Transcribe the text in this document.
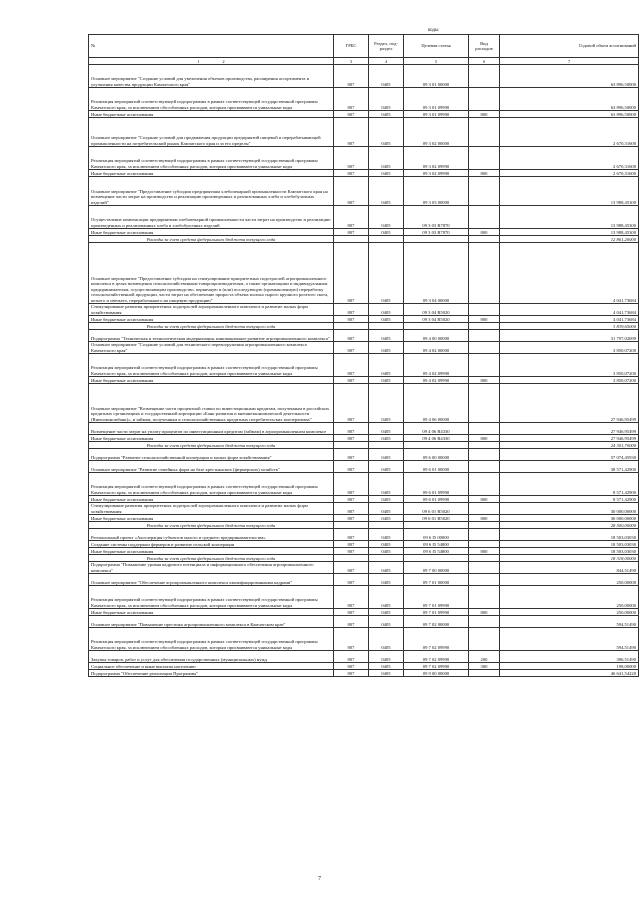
коды
№	ГРБС	Раздел, под-раздел	Целевая статья	Вид расходов	Годовой объем ассигнований
1 2	3	4	5	6	7
Основное мероприятие "Создание условий для увеличения объемов производства, расширения ассортимента и улучшения качества продукции Камчатского края"	807	0405	09 3 01 00000		63 896,50000
Реализация мероприятий соответствующей подпрограммы в рамках соответствующей государственной программы Камчатского края, за исключением обособленных расходов, которым присваиваются уникальные коды	807	0405	09 3 01 09990		63 896,50000
Иные бюджетные ассигнования	807	0405	09 3 01 09990	800	63 896,50000
Основное мероприятие "Создание условий для продвижения продукции предприятий пищевой и перерабатывающей промышленности на потребительский рынок Камчатского края и за его пределы"	807	0405	09 3 02 00000		2 670,31600
Реализация мероприятий соответствующей подпрограммы в рамках соответствующей государственной программы Камчатского края, за исключением обособленных расходов, которым присваиваются уникальные коды	807	0405	09 3 02 09990		2 670,31600
Иные бюджетные ассигнования	807	0405	09 3 02 09990	800	2 670,31600
Основное мероприятие "Предоставление субсидии предприятиям хлебопекарной промышленности Камчатского края на возмещение части затрат на производство и реализацию произведенных и реализованных хлеба и хлебобулочных изделий"	807	0405	09 3 03 00000		13 988,45300
Осуществление компенсации предприятиям хлебопекарной промышленности части затрат на производство и реализацию произведенных и реализованных хлеба и хлебобулочных изделий	807	0405	09 3 03 R7870		13 988,45300
Иные бюджетные ассигнования	807	0405	09 3 03 R7870	800	13 988,45300
Расходы за счет средств федерального бюджета текущего года					12 861,20000
Основное мероприятие "Предоставление субсидии на стимулирование приоритетных подотраслей агропромышленного комплекса в целях возмещения сельскохозяйственным товаропроизводителям, а также организациям и индивидуальным предпринимателям, осуществляющим производство, первичную и (или) последующую (промышленную) переработку сельскохозяйственной продукции, части затрат на обеспечение прироста объема молока сырого крупного рогатого скота, козьего и овечьего, переработанного на пищевую продукцию"	807	0405	09 3 04 00000		4 041,73684
Стимулирование развития приоритетных подотраслей агропромышленного комплекса и развитие малых форм хозяйствования	807	0405	09 3 04 R5020		4 041,73684
Иные бюджетные ассигнования	807	0405	09 3 04 R5020	800	4 041,73684
Расходы за счет средств федерального бюджета текущего года					3 839,65000
Подпрограмма "Техническая и технологическая модернизация, инновационное развитие агропромышленного комплекса"	807	0405	09 4 00 00000		31 797,02699
Основное мероприятие "Создание условий для технического перевооружения агропромышленного комплекса Камчатского края"	807	0405	09 4 02 00000		3 850,07200
Реализация мероприятий соответствующей подпрограммы в рамках соответствующей государственной программы Камчатского края, за исключением обособленных расходов, которым присваиваются уникальные коды	807	0405	09 4 02 09990		3 850,07200
Иные бюджетные ассигнования	807	0405	09 4 02 09990	800	3 850,07200
Основное мероприятие "Возмещение части процентной ставки по инвестиционным кредитам, полученным в российских кредитных организациях и государственной корпорации «Банк развития и внешнеэкономической деятельности (Внешэкономбанк)», и займам, полученным в сельскохозяйственных кредитных потребительских кооперативах"	807	0405	09 4 06 00000		27 946,95499
Возмещение части затрат на уплату процентов по инвестиционным кредитам (займам) в агропромышленном комплексе	807	0405	09 4 06 R4330		27 946,95499
Иные бюджетные ассигнования	807	0405	09 4 06 R4330	800	27 946,95499
Расходы за счет средств федерального бюджета текущего года					24 301,70000
Подпрограмма "Развитие сельскохозяйственной кооперации и малых форм хозяйствования"	807	0405	09 6 00 00000		57 074,45930
Основное мероприятие "Развитие семейных форм на базе крестьянских (фермерских) хозяйств"	807	0405	09 6 01 00000		38 571,42900
Реализация мероприятий соответствующей подпрограммы в рамках соответствующей государственной программы Камчатского края, за исключением обособленных расходов, которым присваиваются уникальные коды	807	0405	09 6 01 09990		8 571,42900
Иные бюджетные ассигнования	807	0405	09 6 01 09990	800	8 571,42900
Стимулирование развития приоритетных подотраслей агропромышленного комплекса и развитие малых форм хозяйствования	807	0405	09 6 01 R5020		30 000,00000
Иные бюджетные ассигнования	807	0405	09 6 01 R5020	800	30 000,00000
Расходы за счет средств федерального бюджета текущего года					28 500,00000
Региональный проект «Акселерация субъектов малого и среднего предпринимательства»	807	0405	09 6 I5 00000		18 503,03030
Создание системы поддержки фермеров и развитие сельской кооперации	807	0405	09 6 I5 54800		18 503,03030
Иные бюджетные ассигнования	807	0405	09 6 I5 54800	800	18 503,03030
Расходы за счет средств федерального бюджета текущего года					18 318,00000
Подпрограмма "Повышение уровня кадрового потенциала и информационного обеспечения агропромышленного комплекса"	807	0405	09 7 00 00000		844,51490
Основное мероприятие "Обеспечение агропромышленного комплекса квалифицированными кадрами"	807	0405	09 7 01 00000		250,00000
Реализация мероприятий соответствующей подпрограммы в рамках соответствующей государственной программы Камчатского края, за исключением обособленных расходов, которым присваиваются уникальные коды	807	0405	09 7 01 09990		250,00000
Иные бюджетные ассигнования	807	0405	09 7 01 09990	800	250,00000
Основное мероприятие "Повышение престижа агропромышленного комплекса в Камчатском крае"	807	0405	09 7 02 00000		594,51490
Реализация мероприятий соответствующей подпрограммы в рамках соответствующей государственной программы Камчатского края, за исключением обособленных расходов, которым присваиваются уникальные коды	807	0405	09 7 02 09990		594,51490
Закупка товаров, работ и услуг для обеспечения государственных (муниципальных) нужд	807	0405	09 7 02 09990	200	396,51490
Социальное обеспечение и иные выплаты населению	807	0405	09 7 02 09990	300	198,00000
Подпрограмма "Обеспечение реализации Программы"	807	0405	09 9 00 00000		46 641,54220
7
